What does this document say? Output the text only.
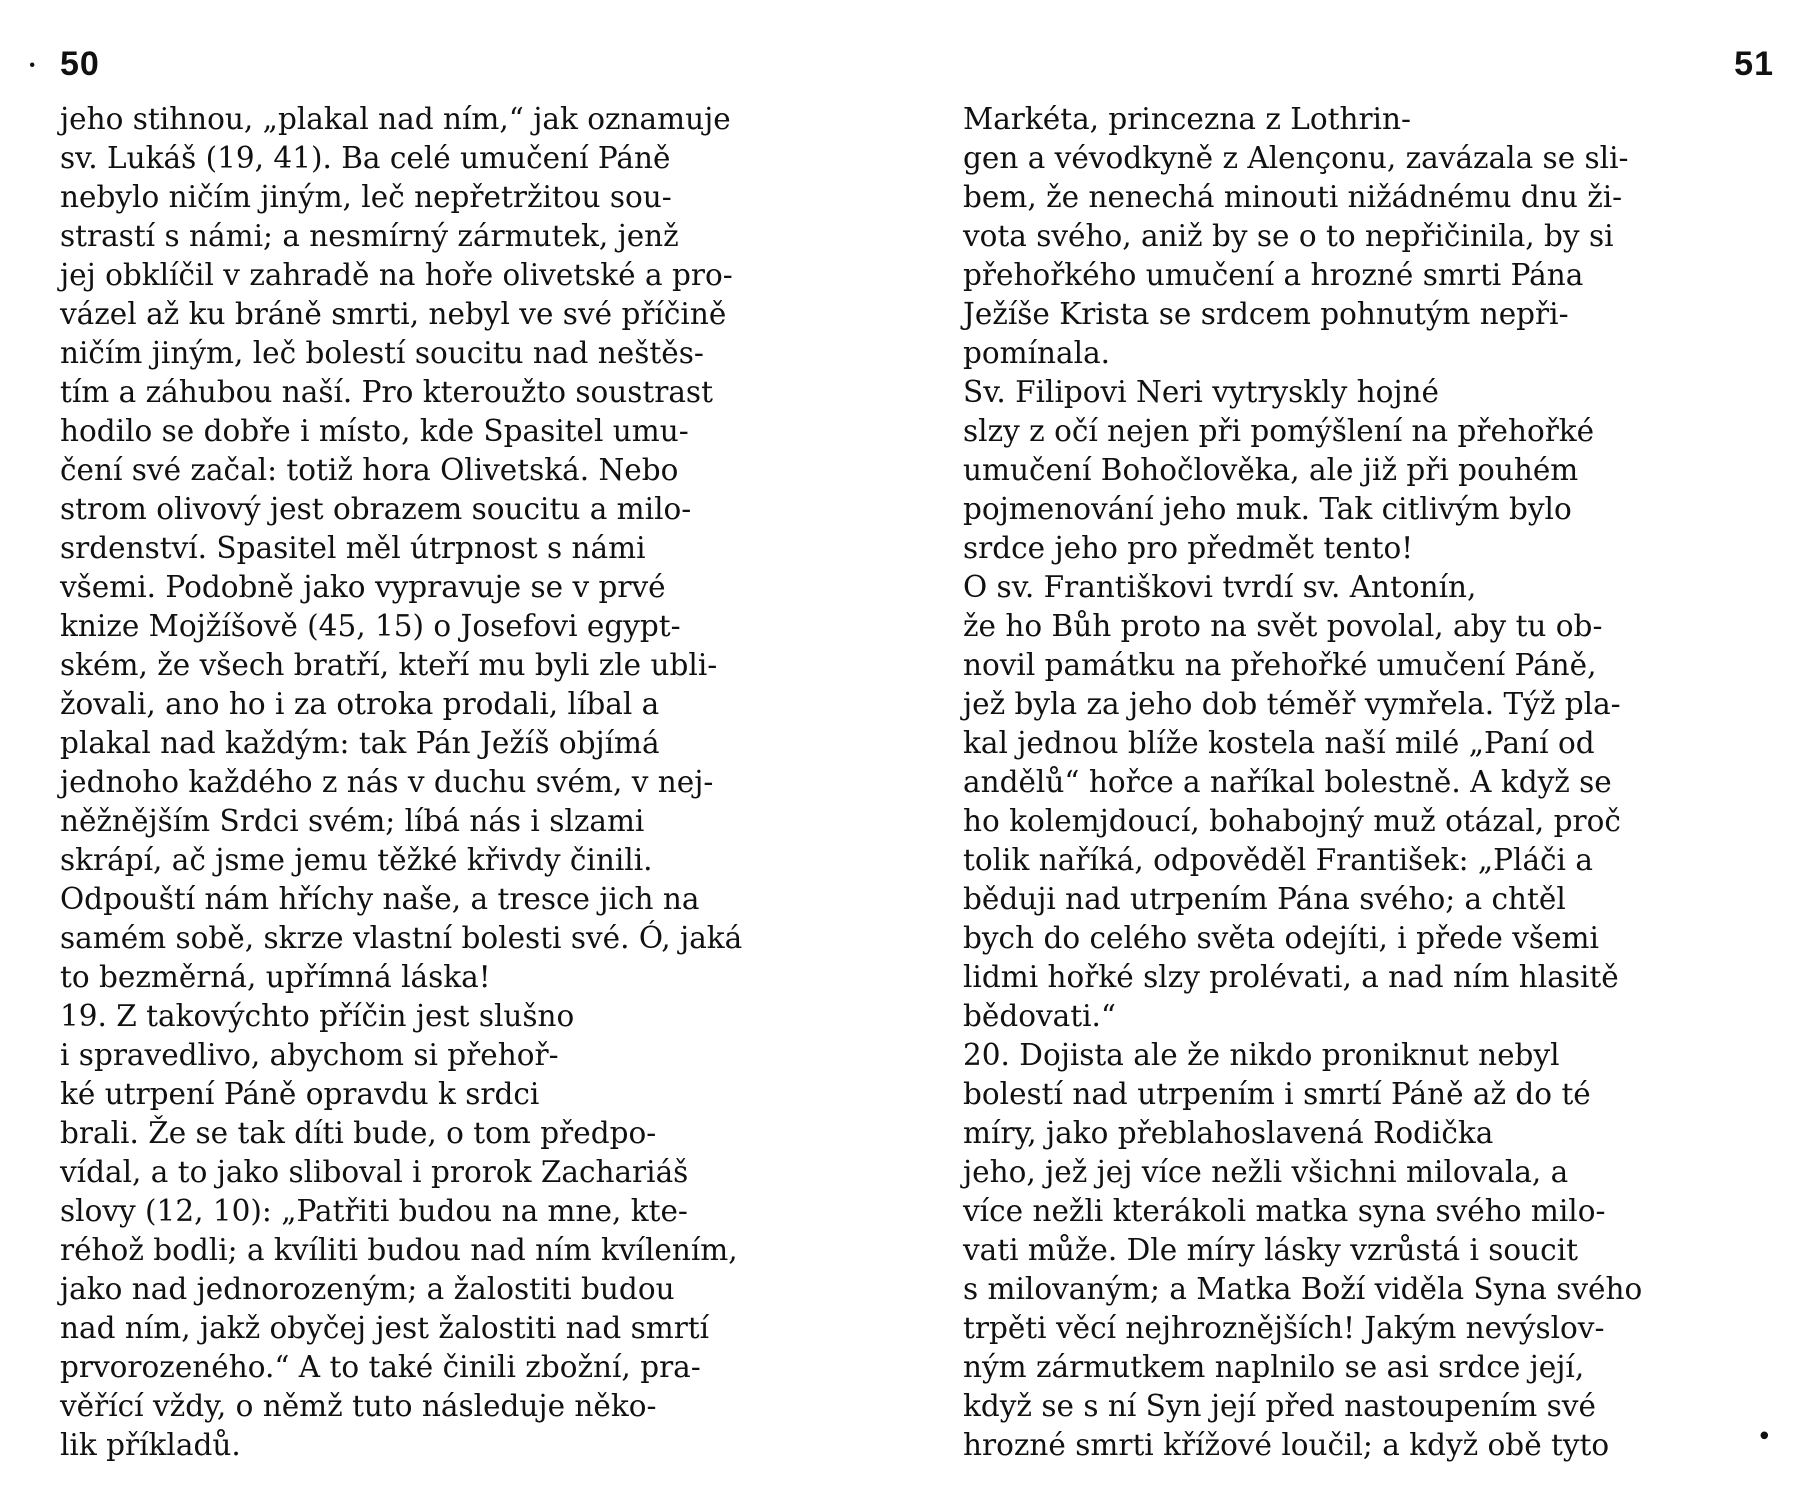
· 50
jeho stihnou, „plakal nad ním,“ jak oznamuje
sv. Lukáš (19, 41). Ba celé umučení Páně
nebylo ničím jiným, leč nepřetržitou sou-
strastí s námi; a nesmírný zármutek, jenž
jej obklíčil v zahradě na hoře olivetské a pro-
vázel až ku bráně smrti, nebyl ve své příčině
ničím jiným, leč bolestí soucitu nad neštěs-
tím a záhubou naší. Pro kteroužto soustrast
hodilo se dobře i místo, kde Spasitel umu-
čení své začal: totiž hora Olivetská. Nebo
strom olivový jest obrazem soucitu a milo-
srdenství. Spasitel měl útrpnost s námi
všemi. Podobně jako vypravuje se v prvé
knize Mojžíšově (45, 15) o Josefovi egypt-
ském, že všech bratří, kteří mu byli zle ubli-
žovali, ano ho i za otroka prodali, líbal a
plakal nad každým: tak Pán Ježíš objímá
jednoho každého z nás v duchu svém, v nej-
něžnějším Srdci svém; líbá nás i slzami
skrápí, ač jsme jemu těžké křivdy činili.
Odpouští nám hříchy naše, a tresce jich na
samém sobě, skrze vlastní bolesti své. Ó, jaká
to bezměrná, upřímná láska!
19. Z takovýchto příčin jest slušno
i spravedlivo, abychom si přehoř-
ké utrpení Páně opravdu k srdci
brali. Že se tak díti bude, o tom předpo-
vídal, a to jako sliboval i prorok Zachariáš
slovy (12, 10): „Patřiti budou na mne, kte-
réhož bodli; a kvíliti budou nad ním kvílením,
jako nad jednorozeným; a žalostiti budou
nad ním, jakž obyčej jest žalostiti nad smrtí
prvorozeného.“ A to také činili zbožní, pra-
věřící vždy, o němž tuto následuje někо-
lik příkladů.
51
Markéta, princezna z Lothrin-
gen a vévodkyně z Alençonu, zavázala se sli-
bem, že nenechá minouti nižádnému dnu ži-
vota svého, aniž by se o to nepřičinila, by si
přehořkého umučení a hrozné smrti Pána
Ježíše Krista se srdcem pohnutým nepři-
pomínala.
Sv. Filipovi Neri vytryskly hojné
slzy z očí nejen při pomýšlení na přehořké
umučení Bohočlověka, ale již při pouhém
pojmenování jeho muk. Tak citlivým bylo
srdce jeho pro předmět tento!
O sv. Františkovi tvrdí sv. Antonín,
že ho Bůh proto na svět povolal, aby tu ob-
novil památku na přehořké umučení Páně,
jež byla za jeho dob téměř vymřela. Týž pla-
kal jednou blíže kostela naší milé „Paní od
andělů“ hořce a naříkal bolestně. A když se
ho kolemjdoucí, bohabojný muž otázal, proč
tolik naříká, odpověděl František: „Pláči a
běduji nad utrpením Pána svého; a chtěl
bych do celého světa odejíti, i přede všemi
lidmi hořké slzy prolévati, a nad ním hlasitě
bědovati.“
20. Dojista ale že nikdo proniknut nebyl
bolestí nad utrpením i smrtí Páně až do té
míry, jako přeblahoslavená Rodička
jeho, jež jej více nežli všichni milovala, a
více nežli kterákoli matka syna svého milo-
vati může. Dle míry lásky vzrůstá i soucit
s milovaným; a Matka Boží viděla Syna svého
trpěti věcí nejhroznějších! Jakým nevýslov-
ným zármutkem naplnilo se asi srdce její,
když se s ní Syn její před nastoupením své
hrozné smrti křížové loučil; a když obě tyto	•
